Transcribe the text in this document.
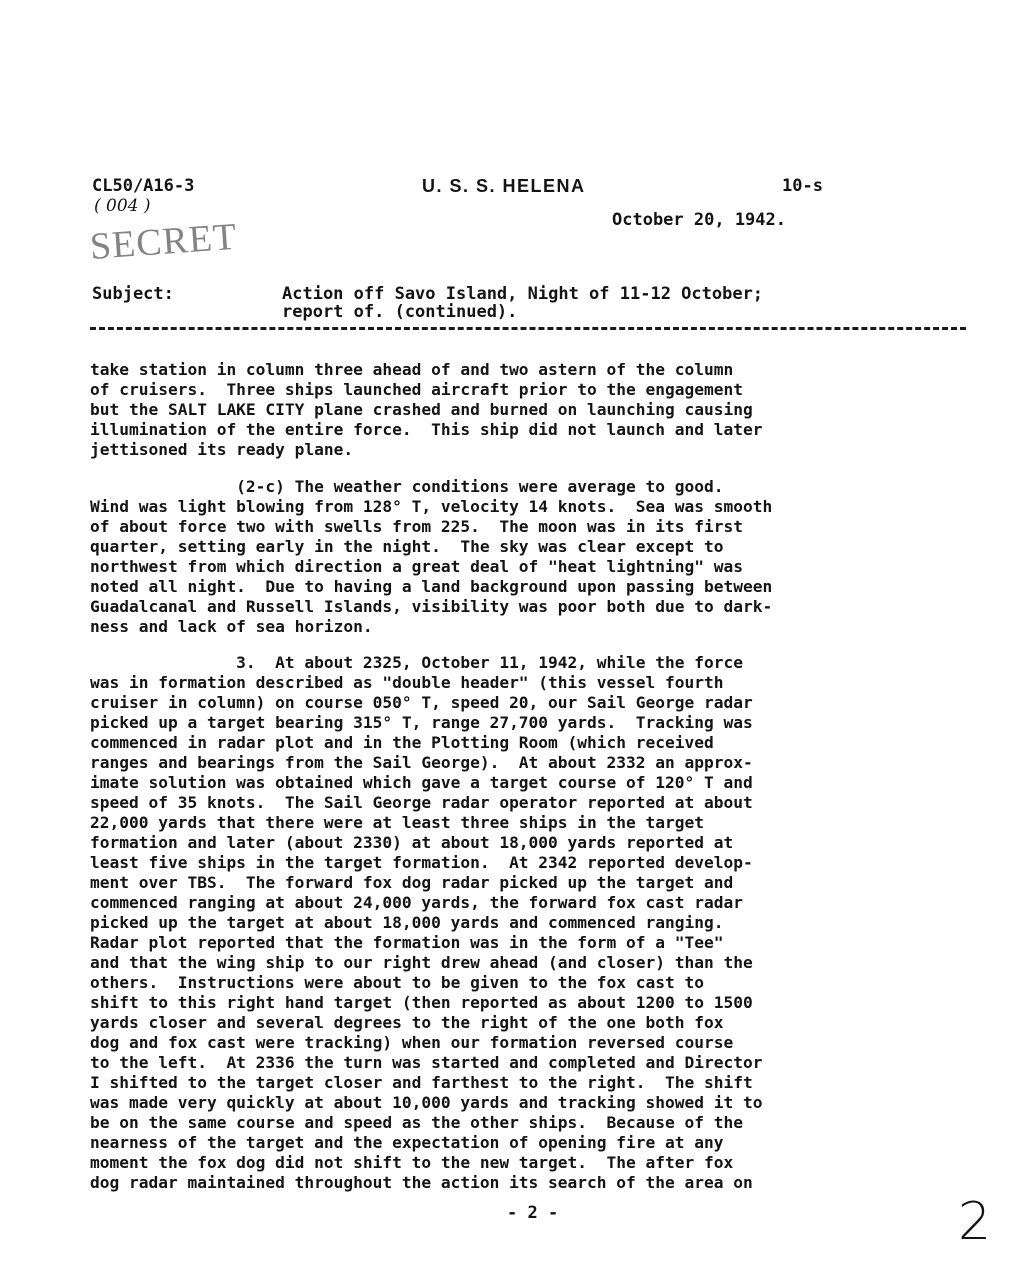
CL50/A16-3
( 004 )
SECRET
U. S. S. HELENA	10-s
October 20, 1942.
Subject:	Action off Savo Island, Night of 11-12 October;
report of. (continued).
take station in column three ahead of and two astern of the column
of cruisers.  Three ships launched aircraft prior to the engagement
but the SALT LAKE CITY plane crashed and burned on launching causing
illumination of the entire force.  This ship did not launch and later
jettisoned its ready plane.
(2-c) The weather conditions were average to good.
Wind was light blowing from 128° T, velocity 14 knots.  Sea was smooth
of about force two with swells from 225.  The moon was in its first
quarter, setting early in the night.  The sky was clear except to
northwest from which direction a great deal of "heat lightning" was
noted all night.  Due to having a land background upon passing between
Guadalcanal and Russell Islands, visibility was poor both due to dark-
ness and lack of sea horizon.
3.  At about 2325, October 11, 1942, while the force
was in formation described as "double header" (this vessel fourth
cruiser in column) on course 050° T, speed 20, our Sail George radar
picked up a target bearing 315° T, range 27,700 yards.  Tracking was
commenced in radar plot and in the Plotting Room (which received
ranges and bearings from the Sail George).  At about 2332 an approx-
imate solution was obtained which gave a target course of 120° T and
speed of 35 knots.  The Sail George radar operator reported at about
22,000 yards that there were at least three ships in the target
formation and later (about 2330) at about 18,000 yards reported at
least five ships in the target formation.  At 2342 reported develop-
ment over TBS.  The forward fox dog radar picked up the target and
commenced ranging at about 24,000 yards, the forward fox cast radar
picked up the target at about 18,000 yards and commenced ranging.
Radar plot reported that the formation was in the form of a "Tee"
and that the wing ship to our right drew ahead (and closer) than the
others.  Instructions were about to be given to the fox cast to
shift to this right hand target (then reported as about 1200 to 1500
yards closer and several degrees to the right of the one both fox
dog and fox cast were tracking) when our formation reversed course
to the left.  At 2336 the turn was started and completed and Director
I shifted to the target closer and farthest to the right.  The shift
was made very quickly at about 10,000 yards and tracking showed it to
be on the same course and speed as the other ships.  Because of the
nearness of the target and the expectation of opening fire at any
moment the fox dog did not shift to the new target.  The after fox
dog radar maintained throughout the action its search of the area on
- 2 -	2
